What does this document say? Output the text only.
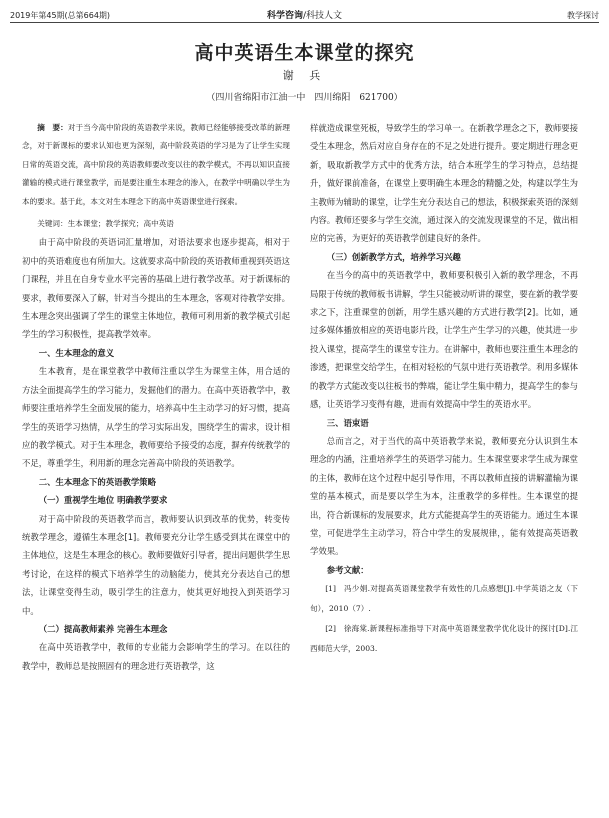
2019年第45期(总第664期)	科学咨询/科技人文	教学探讨
高中英语生本课堂的探究
谢 兵
（四川省绵阳市江油一中　四川绵阳　621700）

摘　要：对于当今高中阶段的英语教学来说，教师已经能够接受改革的新理念，对于新课标的要求认知也更为深刻，高中阶段英语的学习是为了让学生实现日常的英语交流，高中阶段的英语教师要改变以往的教学模式，不再以知识直接灌输的模式进行课堂教学，而是要注重生本理念的渗入，在教学中明确以学生为本的要求。基于此，本文对生本理念下的高中英语课堂进行探索。

关键词：生本课堂；教学探究；高中英语

由于高中阶段的英语词汇量增加，对语法要求也逐步提高，相对于初中的英语难度也有所加大。这就要求高中阶段的英语教师重视到英语这门课程，并且在自身专业水平完善的基础上进行教学改革。对于新课标的要求，教师要深入了解，针对当今提出的生本理念，客观对待教学安排。生本理念突出强调了学生的课堂主体地位，教师可利用新的教学模式引起学生的学习积极性，提高教学效率。

一、生本理念的意义

生本教育，是在课堂教学中教师注重以学生为课堂主体，用合适的方法全面提高学生的学习能力，发掘他们的潜力。在高中英语教学中，教师要注重培养学生全面发展的能力，培养高中生主动学习的好习惯，提高学生的英语学习热情，从学生的学习实际出发，围绕学生的需求，设计相应的教学模式。对于生本理念，教师要给予接受的态度，摒弃传统教学的不足，尊重学生，利用新的理念完善高中阶段的英语教学。

二、生本理念下的英语教学策略

（一）重视学生地位 明确教学要求

对于高中阶段的英语教学而言，教师要认识到改革的优势，转变传统教学理念，遵循生本理念[1]。教师要充分让学生感受到其在课堂中的主体地位，这是生本理念的核心。教师要做好引导者，提出问题供学生思考讨论，在这样的模式下培养学生的动脑能力，使其充分表达自己的想法，让课堂变得生动，吸引学生的注意力，使其更好地投入到英语学习中。

（二）提高教师素养 完善生本理念

在高中英语教学中，教师的专业能力会影响学生的学习。在以往的教学中，教师总是按照固有的理念进行英语教学，这

样就造成课堂死板，导致学生的学习单一。在新教学理念之下，教师要接受生本理念，然后对应自身存在的不足之处进行提升。要定期进行理念更新，吸取新教学方式中的优秀方法，结合本班学生的学习特点，总结提升，做好课前准备，在课堂上要明确生本理念的精髓之处，构建以学生为主教师为辅助的课堂，让学生充分表达自己的想法，积极探索英语的深刻内容。教师还要多与学生交流，通过深入的交流发现课堂的不足，做出相应的完善，为更好的英语教学创建良好的条件。

（三）创新教学方式，培养学习兴趣

在当今的高中的英语教学中，教师要积极引入新的教学理念，不再局限于传统的教师板书讲解，学生只能被动听讲的课堂，要在新的教学要求之下，注重课堂的创新，用学生感兴趣的方式进行教学[2]。比如，通过多媒体播放相应的英语电影片段，让学生产生学习的兴趣，使其进一步投入课堂，提高学生的课堂专注力。在讲解中，教师也要注重生本理念的渗透，把课堂交给学生，在相对轻松的气氛中进行英语教学。利用多媒体的教学方式能改变以往板书的弊端，能让学生集中精力，提高学生的参与感，让英语学习变得有趣，进而有效提高中学生的英语水平。

三、语束语

总而言之，对于当代的高中英语教学来说，教师要充分认识到生本理念的内涵，注重培养学生的英语学习能力。生本课堂要求学生成为课堂的主体，教师在这个过程中起引导作用，不再以教师直接的讲解灌输为课堂的基本模式，而是要以学生为本，注重教学的多样性。生本课堂的提出，符合新课标的发展要求，此方式能提高学生的英语能力。通过生本课堂，可促进学生主动学习，符合中学生的发展规律，，能有效提高英语教学效果。

参考文献：

[1]　冯少娟.对提高英语课堂教学有效性的几点感想[J].中学英语之友（下旬），2010（7）.

[2]　徐海棠.新课程标准指导下对高中英语课堂教学优化设计的探讨[D].江西师范大学，2003.
